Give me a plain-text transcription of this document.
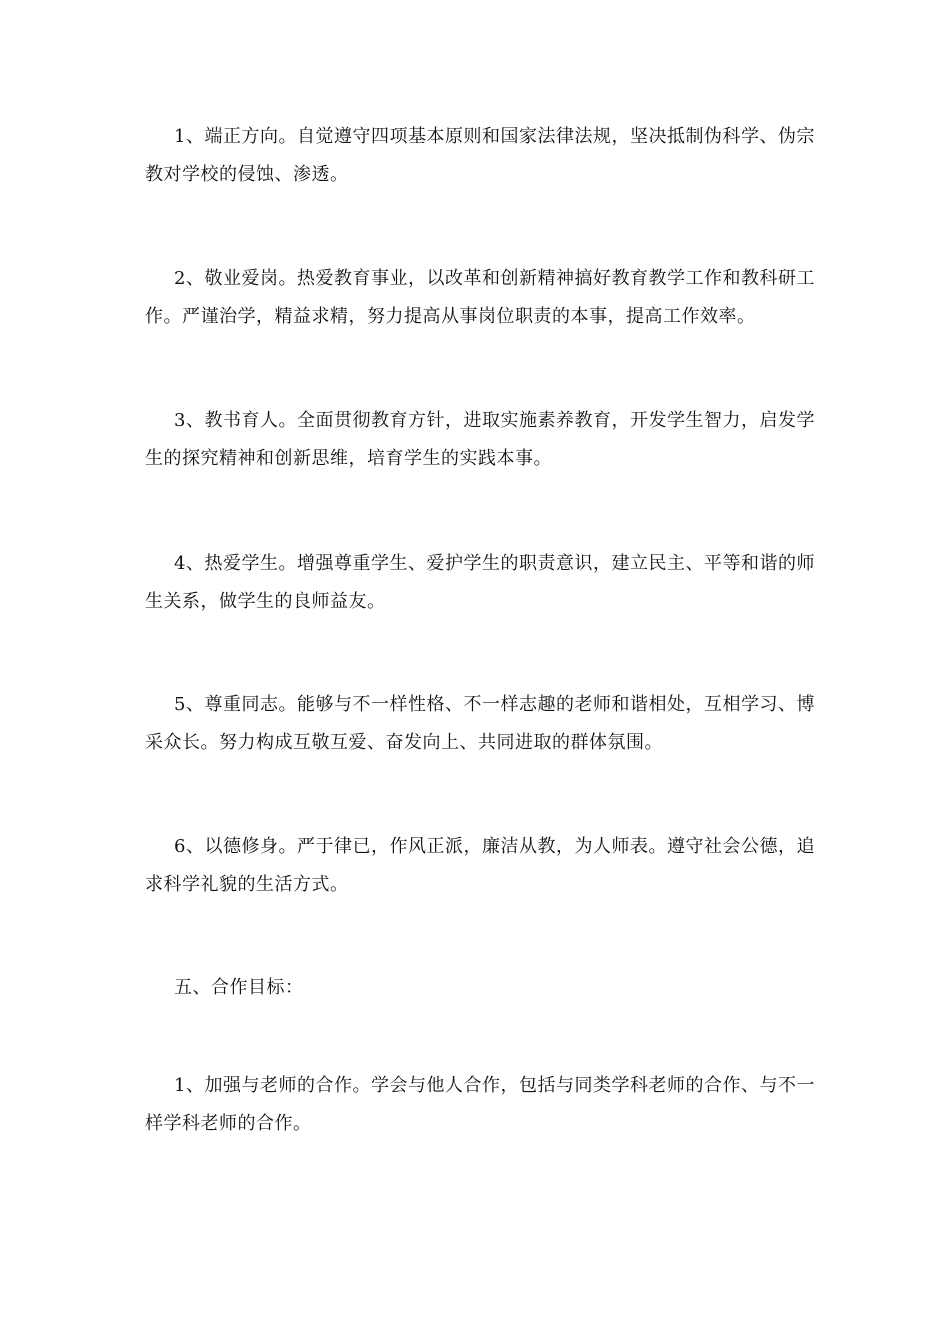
1、端正方向。自觉遵守四项基本原则和国家法律法规，坚决抵制伪科学、伪宗教对学校的侵蚀、渗透。

2、敬业爱岗。热爱教育事业，以改革和创新精神搞好教育教学工作和教科研工作。严谨治学，精益求精，努力提高从事岗位职责的本事，提高工作效率。

3、教书育人。全面贯彻教育方针，进取实施素养教育，开发学生智力，启发学生的探究精神和创新思维，培育学生的实践本事。

4、热爱学生。增强尊重学生、爱护学生的职责意识，建立民主、平等和谐的师生关系，做学生的良师益友。

5、尊重同志。能够与不一样性格、不一样志趣的老师和谐相处，互相学习、博采众长。努力构成互敬互爱、奋发向上、共同进取的群体氛围。

6、以德修身。严于律已，作风正派，廉洁从教，为人师表。遵守社会公德，追求科学礼貌的生活方式。

五、合作目标：

1、加强与老师的合作。学会与他人合作，包括与同类学科老师的合作、与不一样学科老师的合作。
